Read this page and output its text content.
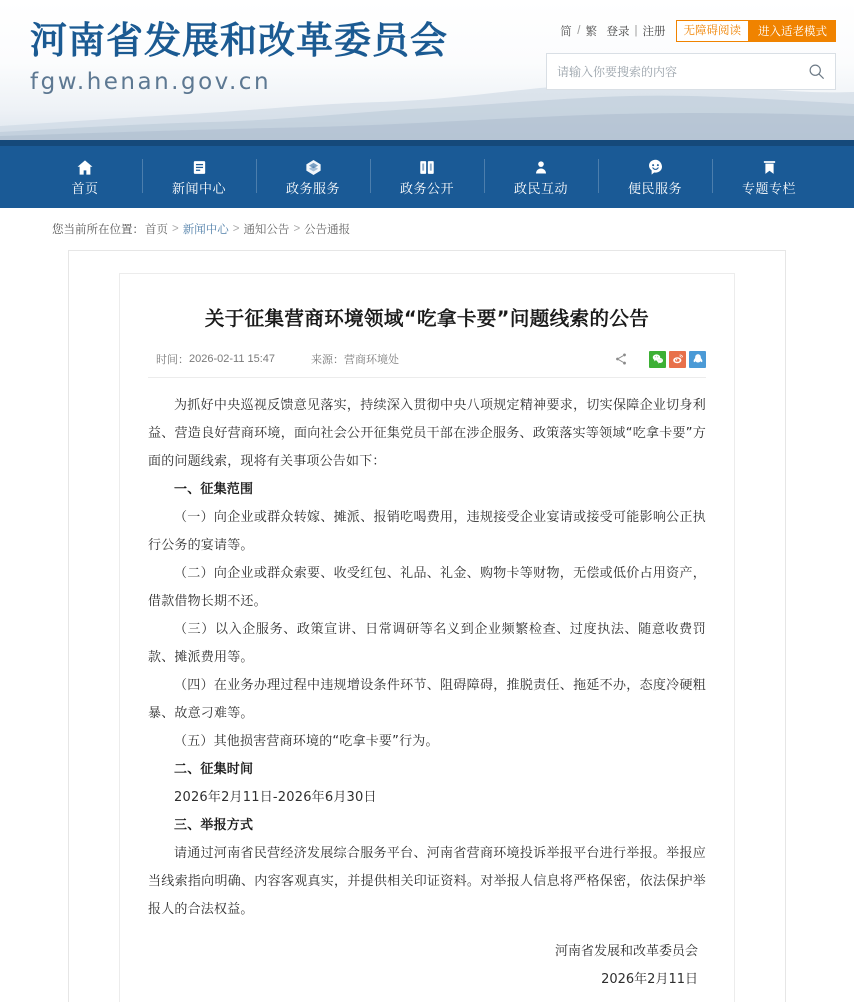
河南省发展和改革委员会
fgw.henan.gov.cn
简 / 繁 登录 | 注册	无障碍阅读	进入适老模式
请输入你要搜索的内容
首页	新闻中心	政务服务	政务公开	政民互动	便民服务	专题专栏
您当前所在位置： 首页 > 新闻中心 > 通知公告 > 公告通报
关于征集营商环境领域“吃拿卡要”问题线索的公告
时间： 2026-02-11 15:47	来源： 营商环境处

为抓好中央巡视反馈意见落实，持续深入贯彻中央八项规定精神要求，切实保障企业切身利益、营造良好营商环境，面向社会公开征集党员干部在涉企服务、政策落实等领域“吃拿卡要”方面的问题线索，现将有关事项公告如下：

一、征集范围

（一）向企业或群众转嫁、摊派、报销吃喝费用，违规接受企业宴请或接受可能影响公正执行公务的宴请等。

（二）向企业或群众索要、收受红包、礼品、礼金、购物卡等财物，无偿或低价占用资产，借款借物长期不还。

（三）以入企服务、政策宣讲、日常调研等名义到企业频繁检查、过度执法、随意收费罚款、摊派费用等。

（四）在业务办理过程中违规增设条件环节、阻碍障碍，推脱责任、拖延不办，态度冷硬粗暴、故意刁难等。

（五）其他损害营商环境的“吃拿卡要”行为。

二、征集时间

2026年2月11日-2026年6月30日

三、举报方式

请通过河南省民营经济发展综合服务平台、河南省营商环境投诉举报平台进行举报。举报应当线索指向明确、内容客观真实，并提供相关印证资料。对举报人信息将严格保密，依法保护举报人的合法权益。

河南省发展和改革委员会
2026年2月11日
